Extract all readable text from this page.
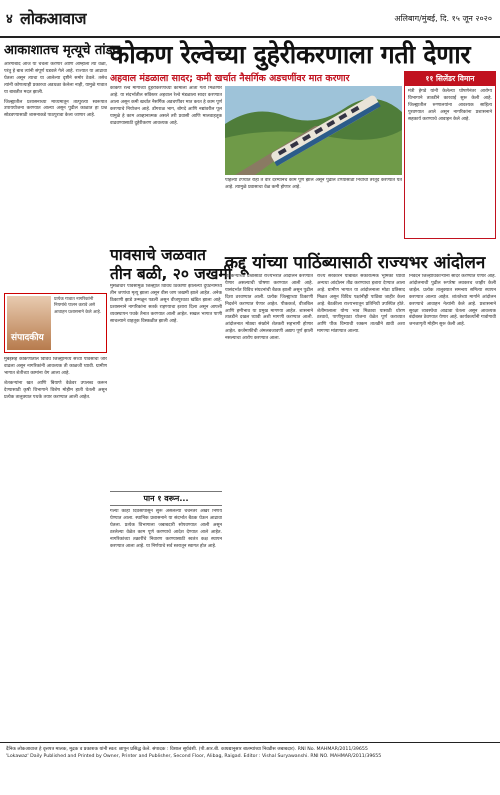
४ लोकआवाज	अलिबाग/मुंबई, दि. १५ जून २०२०
आकाशातच मृत्यूचे तांडव

औरंगाबाद आज या चर्चेला करणार आणि आम्हाला त्या वेळी, परंतु हे बाब त्यांनी संपूर्ण घडवले गेले आहे. राज्यात या आढावा घेतला असून त्याचा या आलेल्या दृष्टीने समोर ठेवले. तसेच त्यांनी कोणत्याही प्रकारचा अडथळा केलेला नाही, यामुळे गावात या बाबतीत मदत झाली.

जिल्ह्यातील प्रशासनाच्या माध्यमातून तात्पुरत्या स्वरूपात उपाययोजना करण्यात आल्या असून पुढील काळात हा प्रश्न सोडवण्यासाठी शासनाकडे पाठपुरावा केला जाणार आहे.

संपादकीय
प्रत्येक गावात नागरिकांनी नियमांचे पालन करावे असे आवाहन प्रशासनाने केले आहे.

मुंबईसह कोकणातील विविध जिल्ह्यांमध्ये सध्या पावसाचा जोर वाढला असून नागरिकांनी आवश्यक ती काळजी घ्यावी. ग्रामीण भागात शेतीच्या कामांना वेग आला आहे.

शेतकऱ्यांना खत आणि बियाणे वेळेवर उपलब्ध करून देण्यासाठी कृषी विभागाने विशेष मोहीम हाती घेतली असून प्रत्येक तालुक्यात पथके तयार करण्यात आली आहेत.

कोकण रेल्वेच्या दुहेरीकरणाला गती देणार
अहवाल मंडळाला सादर; कमी खर्चात नैसर्गिक अडचणींवर मात करणार
कोकण रेल्वे मार्गाच्या दुहेरीकरणाच्या कामाला आता गती मिळणार आहे. या संदर्भातील सविस्तर अहवाल रेल्वे मंडळाला सादर करण्यात आला असून कमी खर्चात नैसर्गिक अडचणींवर मात करत हे काम पूर्ण करण्याचे नियोजन आहे. डोंगराळ भाग, बोगदे आणि नद्यांवरील पूल यामुळे हे काम आव्हानात्मक असले तरी प्रवासी आणि मालवाहतूक वाढवण्यासाठी दुहेरीकरण आवश्यक आहे.
पहिल्या टप्प्यात रोहा ते वीर दरम्यानचे काम पूर्ण झाले असून पुढील टप्प्यांसाठी निधीची तरतूद करण्यात येत आहे. त्यामुळे प्रवासाचा वेळ कमी होणार आहे.
११ सिलेंडर विमान
मंत्री हेगडे यांनी केलेल्या घोषणेनंतर आरोग्य विभागाने तातडीने कारवाई सुरू केली आहे. जिल्ह्यातील रुग्णालयांना आवश्यक साहित्य पुरवण्यात आले असून नागरिकांना प्रशासनाने सहकार्य करण्याचे आवाहन केले आहे.
पावसाचे जळवात
तीन बळी, २० जखमी
मुसळधार पावसामुळे जिल्ह्यात विविध ठिकाणी झालेल्या दुर्घटनांमध्ये तीन जणांचा मृत्यू झाला असून वीस जण जखमी झाले आहेत. अनेक ठिकाणी झाडे उन्मळून पडली असून वीजपुरवठा खंडित झाला आहे. प्रशासनाने नागरिकांना सतर्क राहण्याचा इशारा दिला असून आपत्ती व्यवस्थापन पथके तैनात करण्यात आली आहेत. सखल भागात पाणी साचल्याने वाहतूक विस्कळीत झाली आहे.
पान १ वरून...
गेल्या काही दिवसांपासून सुरू असलेल्या चर्चेनंतर अखेर निर्णय घेण्यात आला. स्थानिक प्रशासनाने या संदर्भात बैठक घेऊन आढावा घेतला. प्रत्येक विभागाला जबाबदारी सोपवण्यात आली असून ठरलेल्या वेळेत काम पूर्ण करण्याचे आदेश देण्यात आले आहेत. नागरिकांच्या तक्रारींचे निवारण करण्यासाठी स्वतंत्र कक्ष स्थापन करण्यात आला आहे. या निर्णयाचे सर्व स्तरातून स्वागत होत आहे.
कद्दू यांच्या पाठिंब्यासाठी राज्यभर आंदोलन
शेतकऱ्यांच्या प्रश्नांसाठी राज्यभरात आंदोलन करण्यात येणार असल्याची घोषणा करण्यात आली आहे. यासंदर्भात विविध संघटनांची बैठक झाली असून पुढील दिशा ठरवण्यात आली. प्रत्येक जिल्ह्याच्या ठिकाणी निदर्शने करण्यात येणार आहेत. पीककर्ज, वीजबिल आणि हमीभाव या प्रमुख मागण्या आहेत. शासनाने तातडीने दखल घ्यावी अशी मागणी करण्यात आली. आंदोलनात मोठ्या संख्येने शेतकरी सहभागी होणार आहेत. कर्जमाफीची अंमलबजावणी अद्याप पूर्ण झाली नसल्याचा आरोप करण्यात आला.
राज्य सरकारने याबाबत सकारात्मक भूमिका घ्यावी अन्यथा आंदोलन तीव्र करण्याचा इशारा देण्यात आला आहे. ग्रामीण भागात या आंदोलनाला मोठा प्रतिसाद मिळत असून विविध पक्षांनीही पाठिंबा जाहीर केला आहे. बैठकीला राज्यभरातून प्रतिनिधी उपस्थित होते. शेतीमालाला योग्य भाव मिळावा यासाठी धोरण ठरवावे, पाणीपुरवठा योजना वेळेत पूर्ण कराव्यात आणि पीक विम्याची रक्कम तातडीने द्यावी अशा मागण्या मांडण्यात आल्या.
निवेदन जिल्हाधिकाऱ्यांना सादर करण्यात येणार आहे. आंदोलनाची पुढील रूपरेषा लवकरच जाहीर केली जाईल. प्रत्येक तालुक्यात समन्वय समित्या स्थापन करण्यात आल्या आहेत. शांततेच्या मार्गाने आंदोलन करण्याचे आवाहन नेत्यांनी केले आहे. प्रशासनाने सुरक्षा व्यवस्थेचा आढावा घेतला असून आवश्यक बंदोबस्त ठेवण्यात येणार आहे. कार्यकर्त्यांनी गावोगावी जनजागृती मोहीम सुरू केली आहे.
दैनिक लोकआवाज हे वृत्तपत्र मालक, मुद्रक व प्रकाशक यांनी स्वत: छापून प्रसिद्ध केले. संपादक : विशाल सूर्यवंशी. (पी.आर.बी. कायद्यानुसार बातम्यांच्या निवडीस जबाबदार). RNI No. MAHMAR/2011/39655
'Lokawaz' Daily Published and Printed by Owner, Printer and Publisher, Second Floor, Alibag, Raigad. Editor : Vishal Suryawanshi. RNI NO. MAHMAR/2011/39655
